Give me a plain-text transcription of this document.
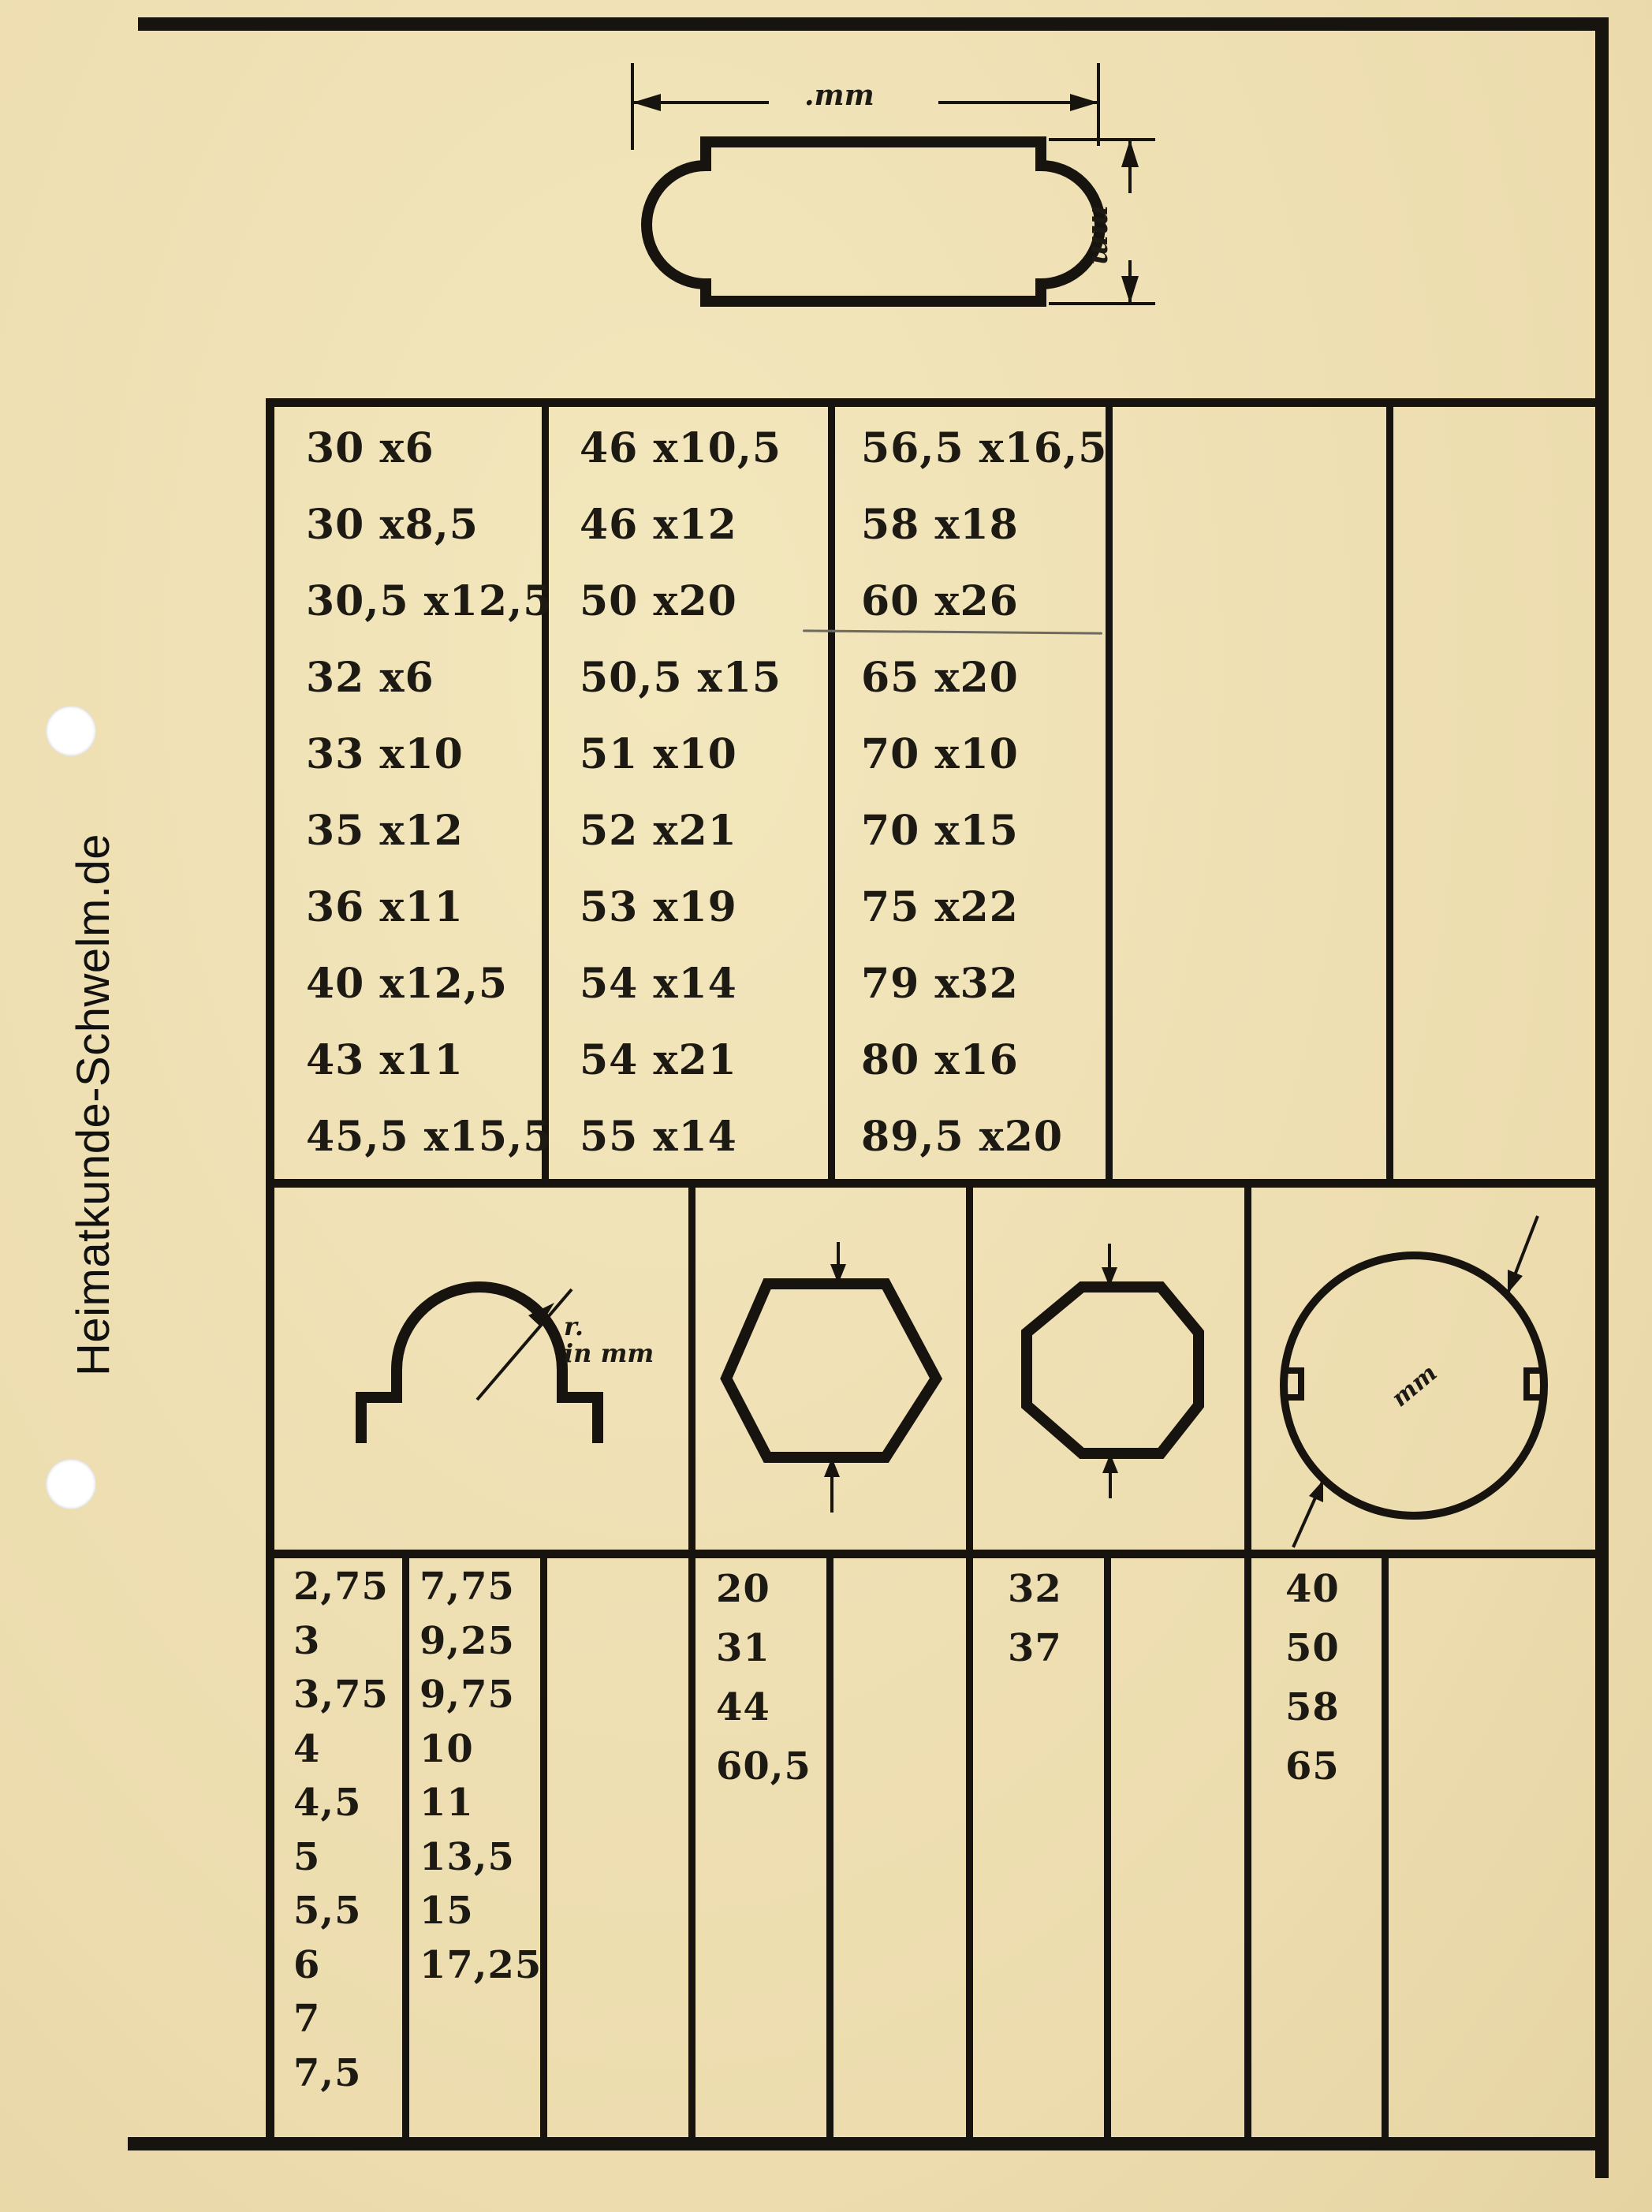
Heimatkunde-Schwelm.de
.mm
mm
30 x6
30 x8,5
30,5 x12,5
32 x6
33 x10
35 x12
36 x11
40 x12,5
43 x11
45,5 x15,5
46 x10,5
46 x12
50 x20
50,5 x15
51 x10
52 x21
53 x19
54 x14
54 x21
55 x14
56,5 x16,5
58 x18
60 x26
65 x20
70 x10
70 x15
75 x22
79 x32
80 x16
89,5 x20
r.
in mm
mm
2,75
3
3,75
4
4,5
5
5,5
6
7
7,5
7,75
9,25
9,75
10
11
13,5
15
17,25
20
31
44
60,5
32
37
40
50
58
65
